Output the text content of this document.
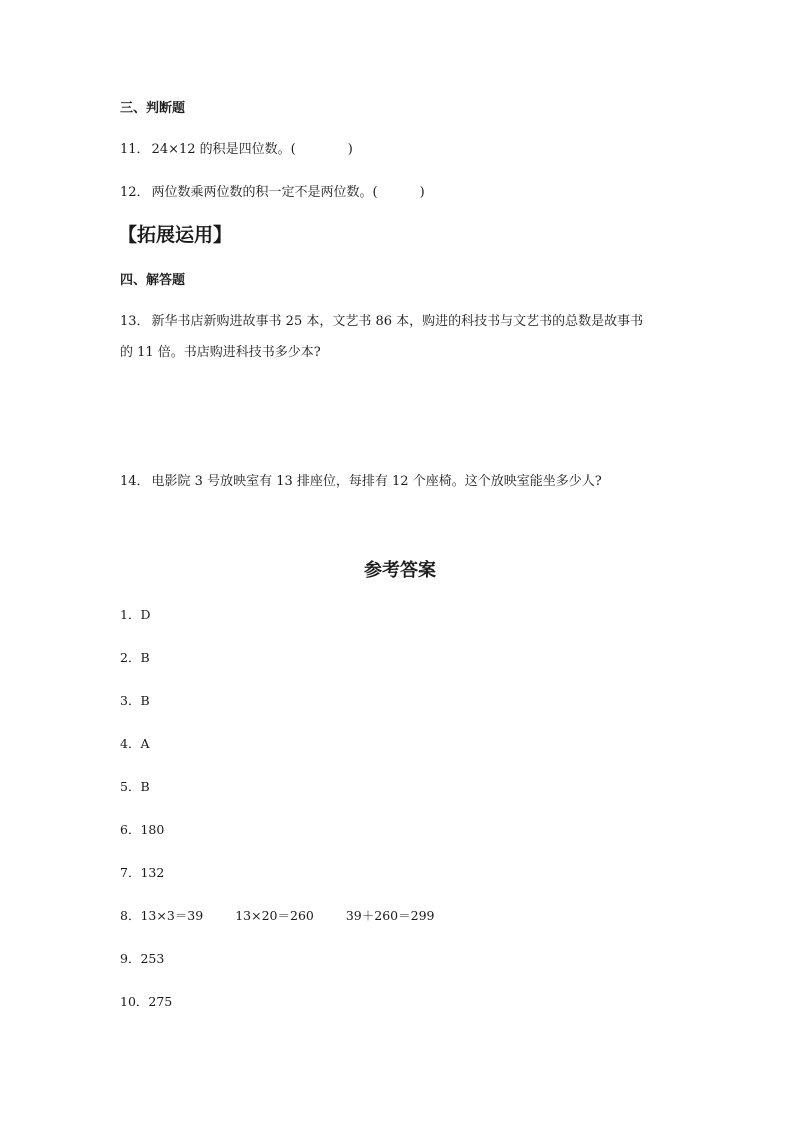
三、判断题
11． 24×12 的积是四位数。(	)
12． 两位数乘两位数的积一定不是两位数。(	)
【拓展运用】
四、解答题
13． 新华书店新购进故事书 25 本，文艺书 86 本，购进的科技书与文艺书的总数是故事书
的 11 倍。书店购进科技书多少本?
14． 电影院 3 号放映室有 13 排座位，每排有 12 个座椅。这个放映室能坐多少人?
参考答案
1．D
2．B
3．B
4．A
5．B
6．180
7．132
8．13×3＝39	13×20＝260	39＋260＝299
9．253
10．275
